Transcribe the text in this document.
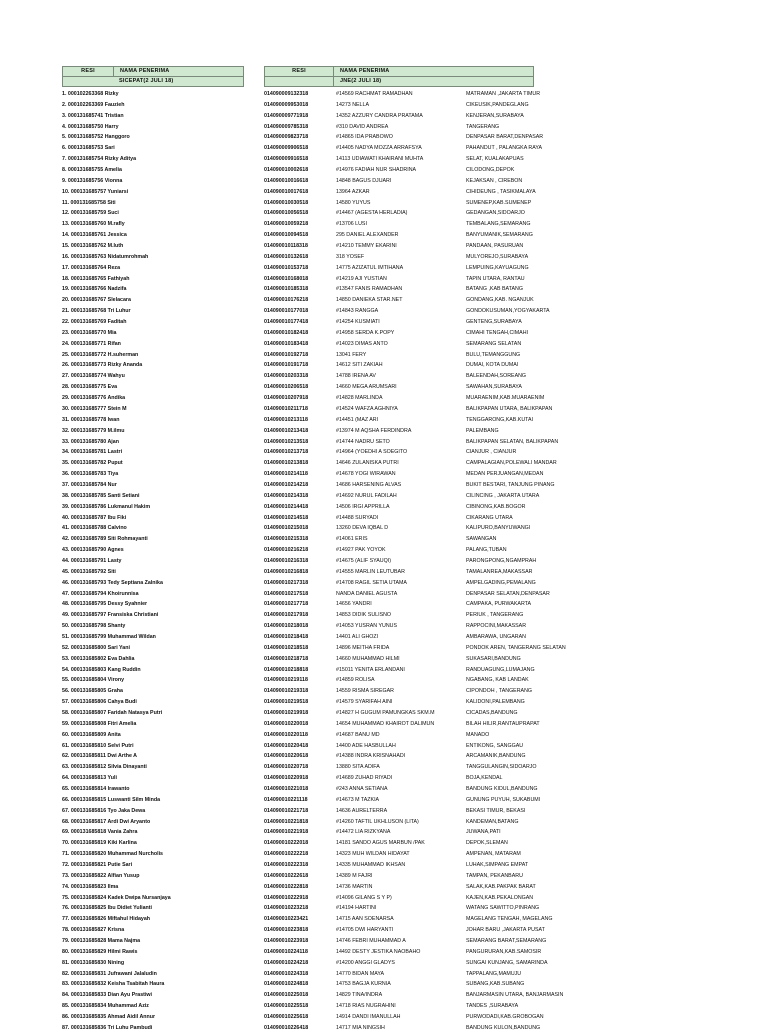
RESI	NAMA PENERIMA
SICEPAT(2 JULI 18)
RESI	NAMA PENERIMA
JNE(2 JULI 18)
1. 000102263368 Rizky	014090009132318	#14569 RACHMAT RAMADHAN	MATRAMAN ,JAKARTA TIMUR
2. 000102263369 Fauzieh	014090009953018	14273 NELLA	CIKEUSIK,PANDEGLANG
3. 000131685741 Tristian	014090009771918	14352 AZZURY CANDRA PRATAMA	KENJERAN,SURABAYA
4. 000131685750 Harry	014090009785318	#310 DAVID ANDREA	TANGERANG
5. 000131685752 Hanggoro	014090009823718	#14865 IDA PRABOWO	DENPASAR BARAT,DENPASAR
6. 000131685753 Sari	014090009906518	#14405 NADYA MOZZA ARRAFSYA	PAHANDUT , PALANGKA RAYA
7. 000131685754 Rizky Aditya	014090009916518	14113 UDIAWATI KHAIRANI MUHTA	SELAT, KUALAKAPUAS
8. 000131685755 Amelia	014090010002618	#14976 FADIAH NUR SHADRINA	CILODONG,DEPOK
9. 000131685756 Vionna	014090010016618	14848 BAGUS DJUARI	KEJAKSAN , CIREBON
10. 000131685757 Yuniarsi	014090010017618	13964 AZKAR	CIHIDEUNG , TASIKMALAYA
11. 000131685758 Siti	014090010030518	14580 YUYUS	SUMENEP,KAB.SUMENEP
12. 000131685759 Suci	014090010056518	#14467 (AGESTA HERLADIA)	GEDANGAN,SIDOARJO
13. 000131685760 M.rafly	014090010059218	#13706 LUSI	TEMBALANG,SEMARANG
14. 000131685761 Jessica	014090010094518	295 DANIEL ALEXANDER	BANYUMANIK,SEMARANG
15. 000131685762 M.luth	014090010118318	#14210 TEMMY EKARINI	PANDAAN, PASURUAN
16. 000131685763 Nidatumrohmah	014090010132618	318 YOSEF	MULYOREJO,SURABAYA
17. 000131685764 Reza	014090010153718	14775 AZIZATUL IMTIHANA	LEMPUING,KAYUAGUNG
18. 000131685765 Fathiyah	014090010168018	#14219 AJI YUSTIAN	TAPIN UTARA, RANTAU
19. 000131685766 Nadzifa	014090010185318	#13547 FANIS RAMADHAN	BATANG ,KAB BATANG
20. 000131685767 Slelacara	014090010176218	14850 DANIEKA STAR.NET	GONDANG,KAB. NGANJUK
21. 000131685768 Tri Luhur	014090010177018	#14843 RANGGA	GONDOKUSUMAN,YOGYAKARTA
22. 000131685769 Faditah	014090010177418	#14254 KUSMIATI	GENTENG,SURABAYA
23. 000131685770 Mia	014090010182418	#14958 SERDA K.POPY	CIMAHI TENGAH,CIMAHI
24. 000131685771 Rifan	014090010183418	#14023 DIMAS ANTO	SEMARANG SELATAN
25. 000131685772 H.suherman	014090010192718	13041 FERY	BULU,TEMANGGUNG
26. 000131685773 Rizky Ananda	014090010191718	14612 SITI ZAKIAH	DUMAI, KOTA DUMAI
27. 000131685774 Wahyu	014090010203318	14788 IRENA AV	BALEENDAH,SOREANG
28. 000131685775 Eva	014090010206518	14660 MEGA ARUMSARI	SAWAHAN,SURABAYA
29. 000131685776 Andika	014090010207918	#14828 MARLINDA	MUARAENIM,KAB.MUARAENIM
30. 000131685777 Stein M	014090010211718	#14524 WAFZA AGHNIYA	BALIKPAPAN UTARA, BALIKPAPAN
31. 000131685778 Iwan	014090010213118	#14451 (MAZ ARI	TENGGARONG,KAB.KUTAI
32. 000131685779 M.ilmu	014090010213418	#13974 M AQSHA FERDINDRA	PALEMBANG
33. 000131685780 Ajan	014090010213518	#14744 NADRU SETO	BALIKPAPAN SELATAN, BALIKPAPAN
34. 000131685781 Lastri	014090010213718	#14964 (YOEDHI A SOEGITO	CIANJUR , CIANJUR
35. 000131685782 Puput	014090010213818	14646 ZULANISKA PUTRI	CAMPALAGIAN,POLEWALI MANDAR
36. 000131685783 Tiya	014090010214118	#14678 YOGI WIRAWAN	MEDAN PERJUANGAN,MEDAN
37. 000131685784 Nur	014090010214218	14686 HARSENING ALVAS	BUKIT BESTARI, TANJUNG PINANG
38. 000131685785 Santi Setiani	014090010214318	#14692 NURUL FADILAH	CILINCING , JAKARTA UTARA
39. 000131685786 Lukmanul Hakim	014090010214418	14506 IRGI APPRILLA	CIBINONG,KAB.BOGOR
40. 000131685787 Ibu Fiki	014090010214518	#14488 SURYADI	CIKARANG UTARA
41. 000131685788 Calvino	014090010215018	13260 DEVA IQBAL D	KALIPURO,BANYUWANGI
42. 000131685789 Siti Rohmayanti	014090010215318	#14061 ERIS	SAWANGAN
43. 000131685790 Agnes	014090010216218	#14927 PAK YOYOK	PALANG,TUBAN
44. 000131685791 Lasty	014090010216318	#14675 (ALIF SYAUQI)	PARONGPONG,NGAMPRAH
45. 000131685792 Siti	014090010216818	#14555 MARLIN LEUTUBAR	TAMALANREA,MAKASSAR
46. 000131685793 Tedy Septiana Zalnika	014090010217318	#14708 RAGIL SETIA UTAMA	AMPELGADING,PEMALANG
47. 000131685794 Khoirunnisa	014090010217518	NANDA DANIEL AGUSTA	DENPASAR SELATAN,DENPASAR
48. 000131685795 Dessy Syahnier	014090010217718	14656 YANDRI	CAMPAKA, PURWAKARTA
49. 000131685797 Fransiska Christiani	014090010217918	14853 DIDIK SULISNO	PERIUK , TANGERANG
50. 000131685798 Shanty	014090010218018	#14053 YUSRAN YUNUS	RAPPOCINI,MAKASSAR
51. 000131685799 Muhammad Wildan	014090010218418	14401 ALI GHOZI	AMBARAWA, UNGARAN
52. 000131685800 Sari Yani	014090010218518	14896 MEITHA FRIDA	PONDOK AREN, TANGERANG SELATAN
53. 000131685802 Eva Dahlia	014090010218718	14660 MUHAMMAD HILMI	SUKASARI,BANDUNG
54. 000131685803 Kang Ruddin	014090010218818	#15011 YENITA ERLANDANI	RANDUAGUNG,LUMAJANG
55. 000131685804 Virony	014090010219118	#14859 ROLISA	NGABANG, KAB LANDAK
56. 000131685805 Graha	014090010219318	14559 RISMA SIREGAR	CIPONDOH , TANGERANG
57. 000131685806 Cahya Budi	014090010219518	#14579 SYARIFAH AINI	KALIDONI,PALEMBANG
58. 000131685807 Faridah Natasya Putri	014090010219918	#14827 H GUGUM PAMUNGKAS SKM.M	CICADAS,BANDUNG
59. 000131685808 Fitri Amelia	014090010220018	14654 MUHAMMAD KHAIROT DALIMUN	BILAH HILIR,RANTAUPRAPAT
60. 000131685809 Anita	014090010220118	#14687 BANU MD	MANADO
61. 000131685810 Selvi Putri	014090010220418	14400 ADE HASBULLAH	ENTIKONG, SANGGAU
62. 000131685811 Dwi Arthe A	014090010220618	#14388 INDRA KRISNAHADI	ARCAMANIK,BANDUNG
63. 000131685812 Silvia Dinayanti	014090010220718	13880 SITA ADIFA	TANGGULANGIN,SIDOARJO
64. 000131685813 Yuli	014090010220918	#14689 ZUHAD RIYADI	BOJA,KENDAL
65. 000131685814 Irawanto	014090010221018	#243 ANNA SETIANA	BANDUNG KIDUL,BANDUNG
66. 000131685815 Luswanti Silm Minda	014090010221118	#14673 M TAZKIA	GUNUNG PUYUH, SUKABUMI
67. 000131685816 Tyo Jaka Dewa	014090010221718	14636 AURELTERRA	BEKASI TIMUR, BEKASI
68. 000131685817 Ardi Dwi Aryanto	014090010221818	#14260 TAFTIL UKHLUSON (LITA)	KANDEMAN,BATANG
69. 000131685818 Vania Zahra	014090010221918	#14472 LIA RIZKYANA	JUWANA,PATI
70. 000131685819 Kiki Karlina	014090010222018	14181 SANDO AGUS MARBUN /PAK	DEPOK,SLEMAN
71. 000131685820 Muhammad Nurcholis	014090010222218	14323 MUH WILDAN HIDAYAT	AMPENAN, MATARAM
72. 000131685821 Putie Sari	014090010222318	14335 MUHAMMAD IKHSAN	LUHAK,SIMPANG EMPAT
73. 000131685822 Alfian Yusup	014090010222618	14389 M FAJRI	TAMPAN, PEKANBARU
74. 000131685823 Ilma	014090010222818	14736 MARTIN	SALAK,KAB.PAKPAK BARAT
75. 000131685824 Kadek Dwipa Nursanjaya	014090010222918	#14096 GILANG S Y P)	KAJEN,KAB.PEKALONGAN
76. 000131685825 Ibu Didiet Yulianti	014090010223218	#14194 HARTINI	WATANG SAWITTO,PINRANG
77. 000131685826 Miftahul Hidayah	014090010223421	14715 AAN SOENARSA	MAGELANG TENGAH, MAGELANG
78. 000131685827 Krisna	014090010223818	#14705 DWI HARYANTI	JOHAR BARU ,JAKARTA PUSAT
79. 000131685828 Mama Najma	014090010223918	14746 FEBRI MUHAMMAD A	SEMARANG BARAT,SEMARANG
80. 000131685829 Hilmi Rawis	014090010224118	14492 DESTY JESTIKA NAOBAHO	PANGURURAN,KAB.SAMOSIR
81. 000131685830 Nining	014090010224218	#14200 ANGGI GLADYS	SUNGAI KUNJANG, SAMARINDA
82. 000131685831 Jufrawani Jalaludin	014090010224318	14770 BIDAN MAYA	TAPPALANG,MAMUJU
83. 000131685832 Keisha Tsabitah Haura	014090010224818	14753 BAGJA KURNIA	SUBANG,KAB.SUBANG
84. 000131685833 Dian Ayu Prastiwi	014090010225018	14829 TINA/INDRA	BANJARMASIN UTARA, BANJARMASIN
85. 000131685834 Muhammad Aziz	014090010225518	14718 RIAS NUGRAHINI	TANDES ,SURABAYA
86. 000131685835 Ahmad Aidil Annur	014090010225618	14914 DANDI IMANULLAH	PURWODADI,KAB.GROBOGAN
87. 000131685836 Tri Luhu Pambudi	014090010226418	14717 MIA NINGSIH	BANDUNG KULON,BANDUNG
